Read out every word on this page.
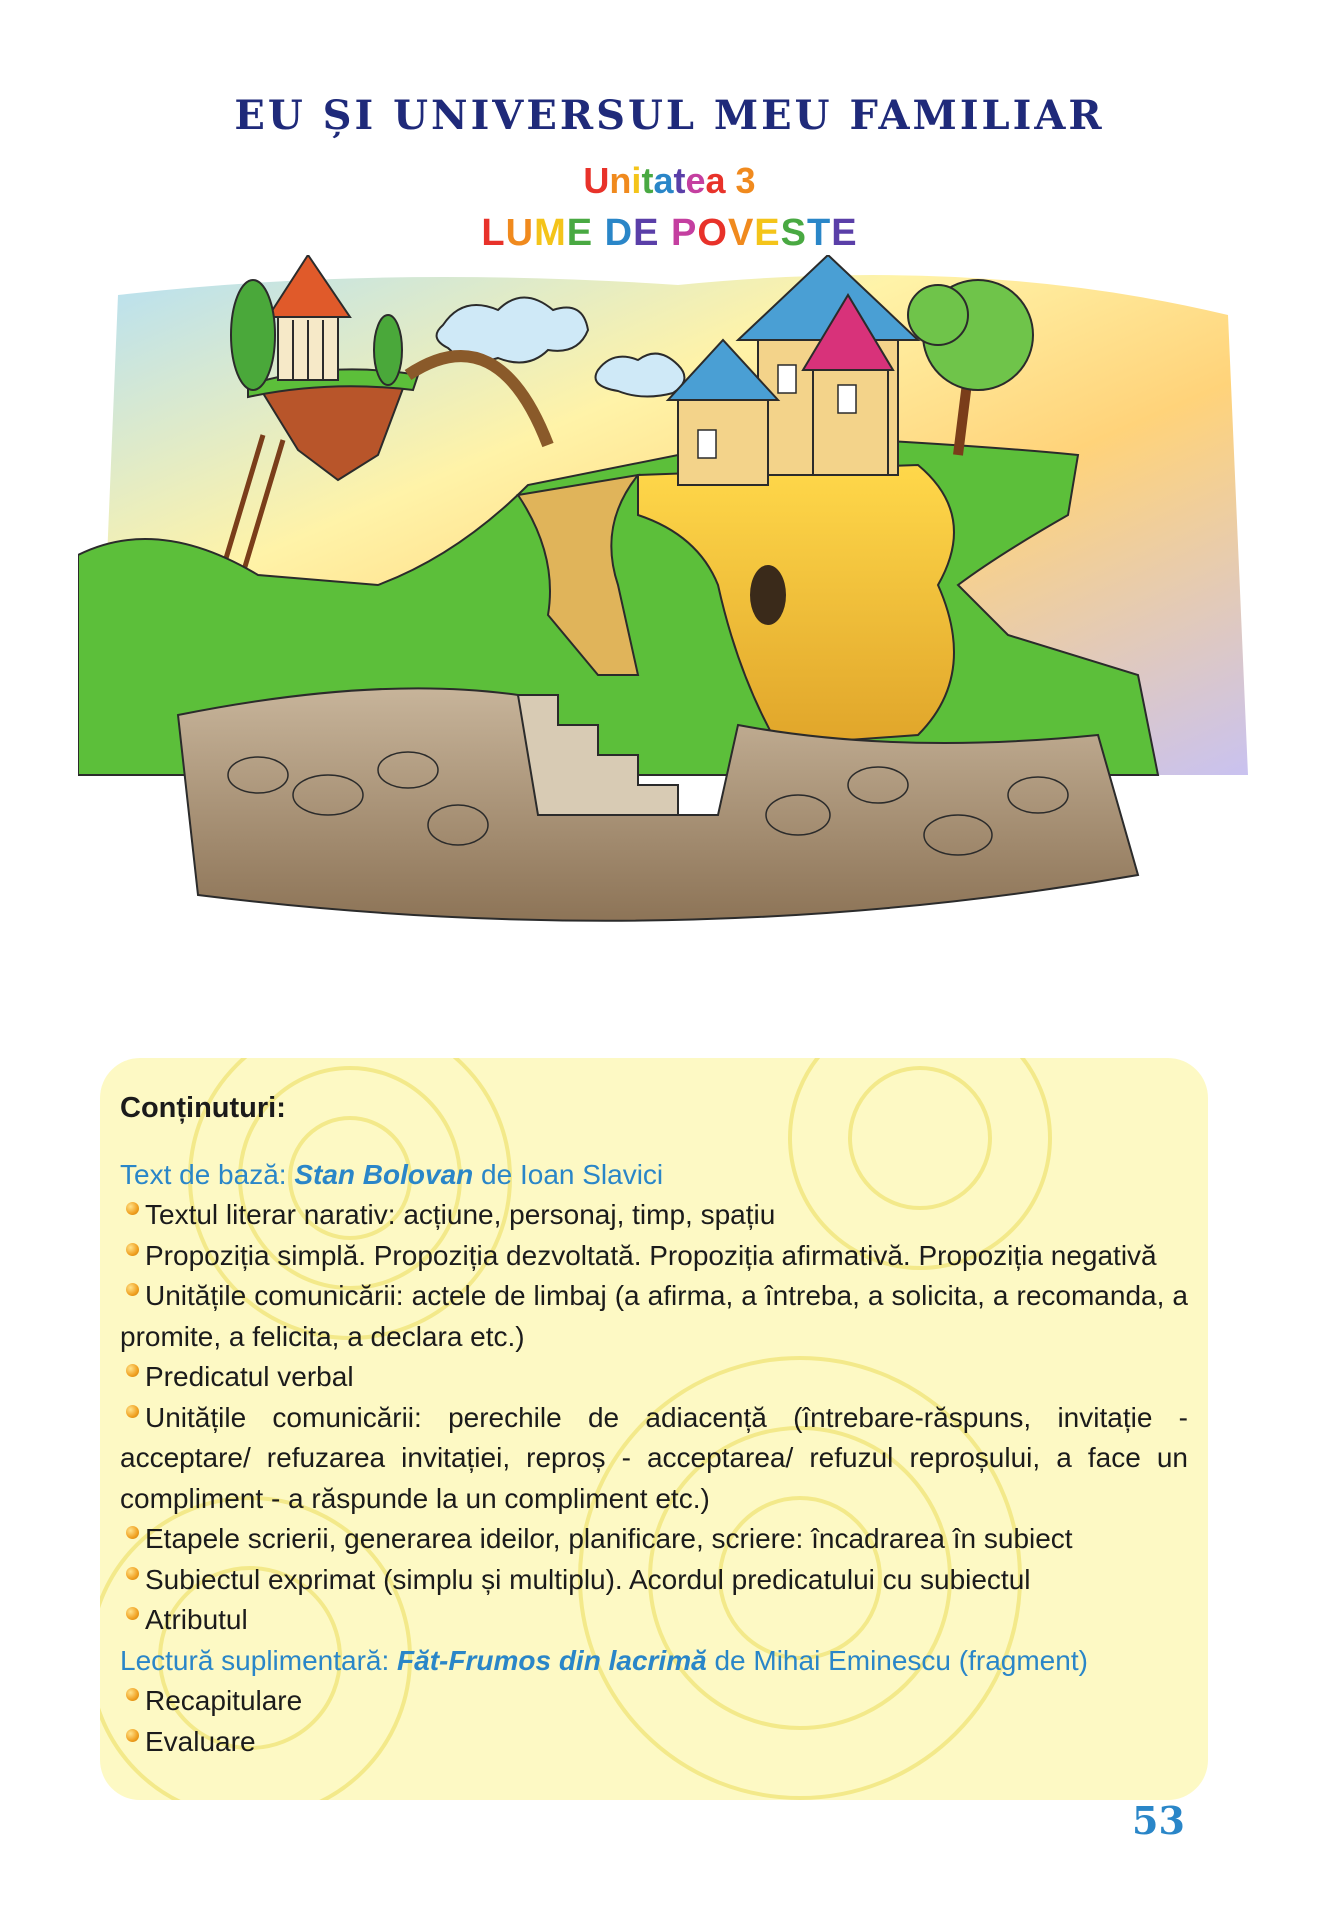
EU ȘI UNIVERSUL MEU FAMILIAR
Unitatea 3
LUME DE POVESTE
Conținuturi:
Text de bază: Stan Bolovan de Ioan Slavici
Textul literar narativ: acțiune, personaj, timp, spațiu
Propoziția simplă. Propoziția dezvoltată. Propoziția afirmativă. Propoziția negativă
Unitățile comunicării: actele de limbaj (a afirma, a întreba, a solicita, a recomanda, a promite, a felicita, a declara etc.)
Predicatul verbal
Unitățile comunicării: perechile de adiacență (întrebare-răspuns, invitație - acceptare/ refuzarea invitației, reproș - acceptarea/ refuzul reproșului, a face un compliment - a răspunde la un compliment etc.)
Etapele scrierii, generarea ideilor, planificare, scriere: încadrarea în subiect
Subiectul exprimat (simplu și multiplu). Acordul predicatului cu subiectul
Atributul
Lectură suplimentară: Făt-Frumos din lacrimă de Mihai Eminescu (fragment)
Recapitulare
Evaluare
53
